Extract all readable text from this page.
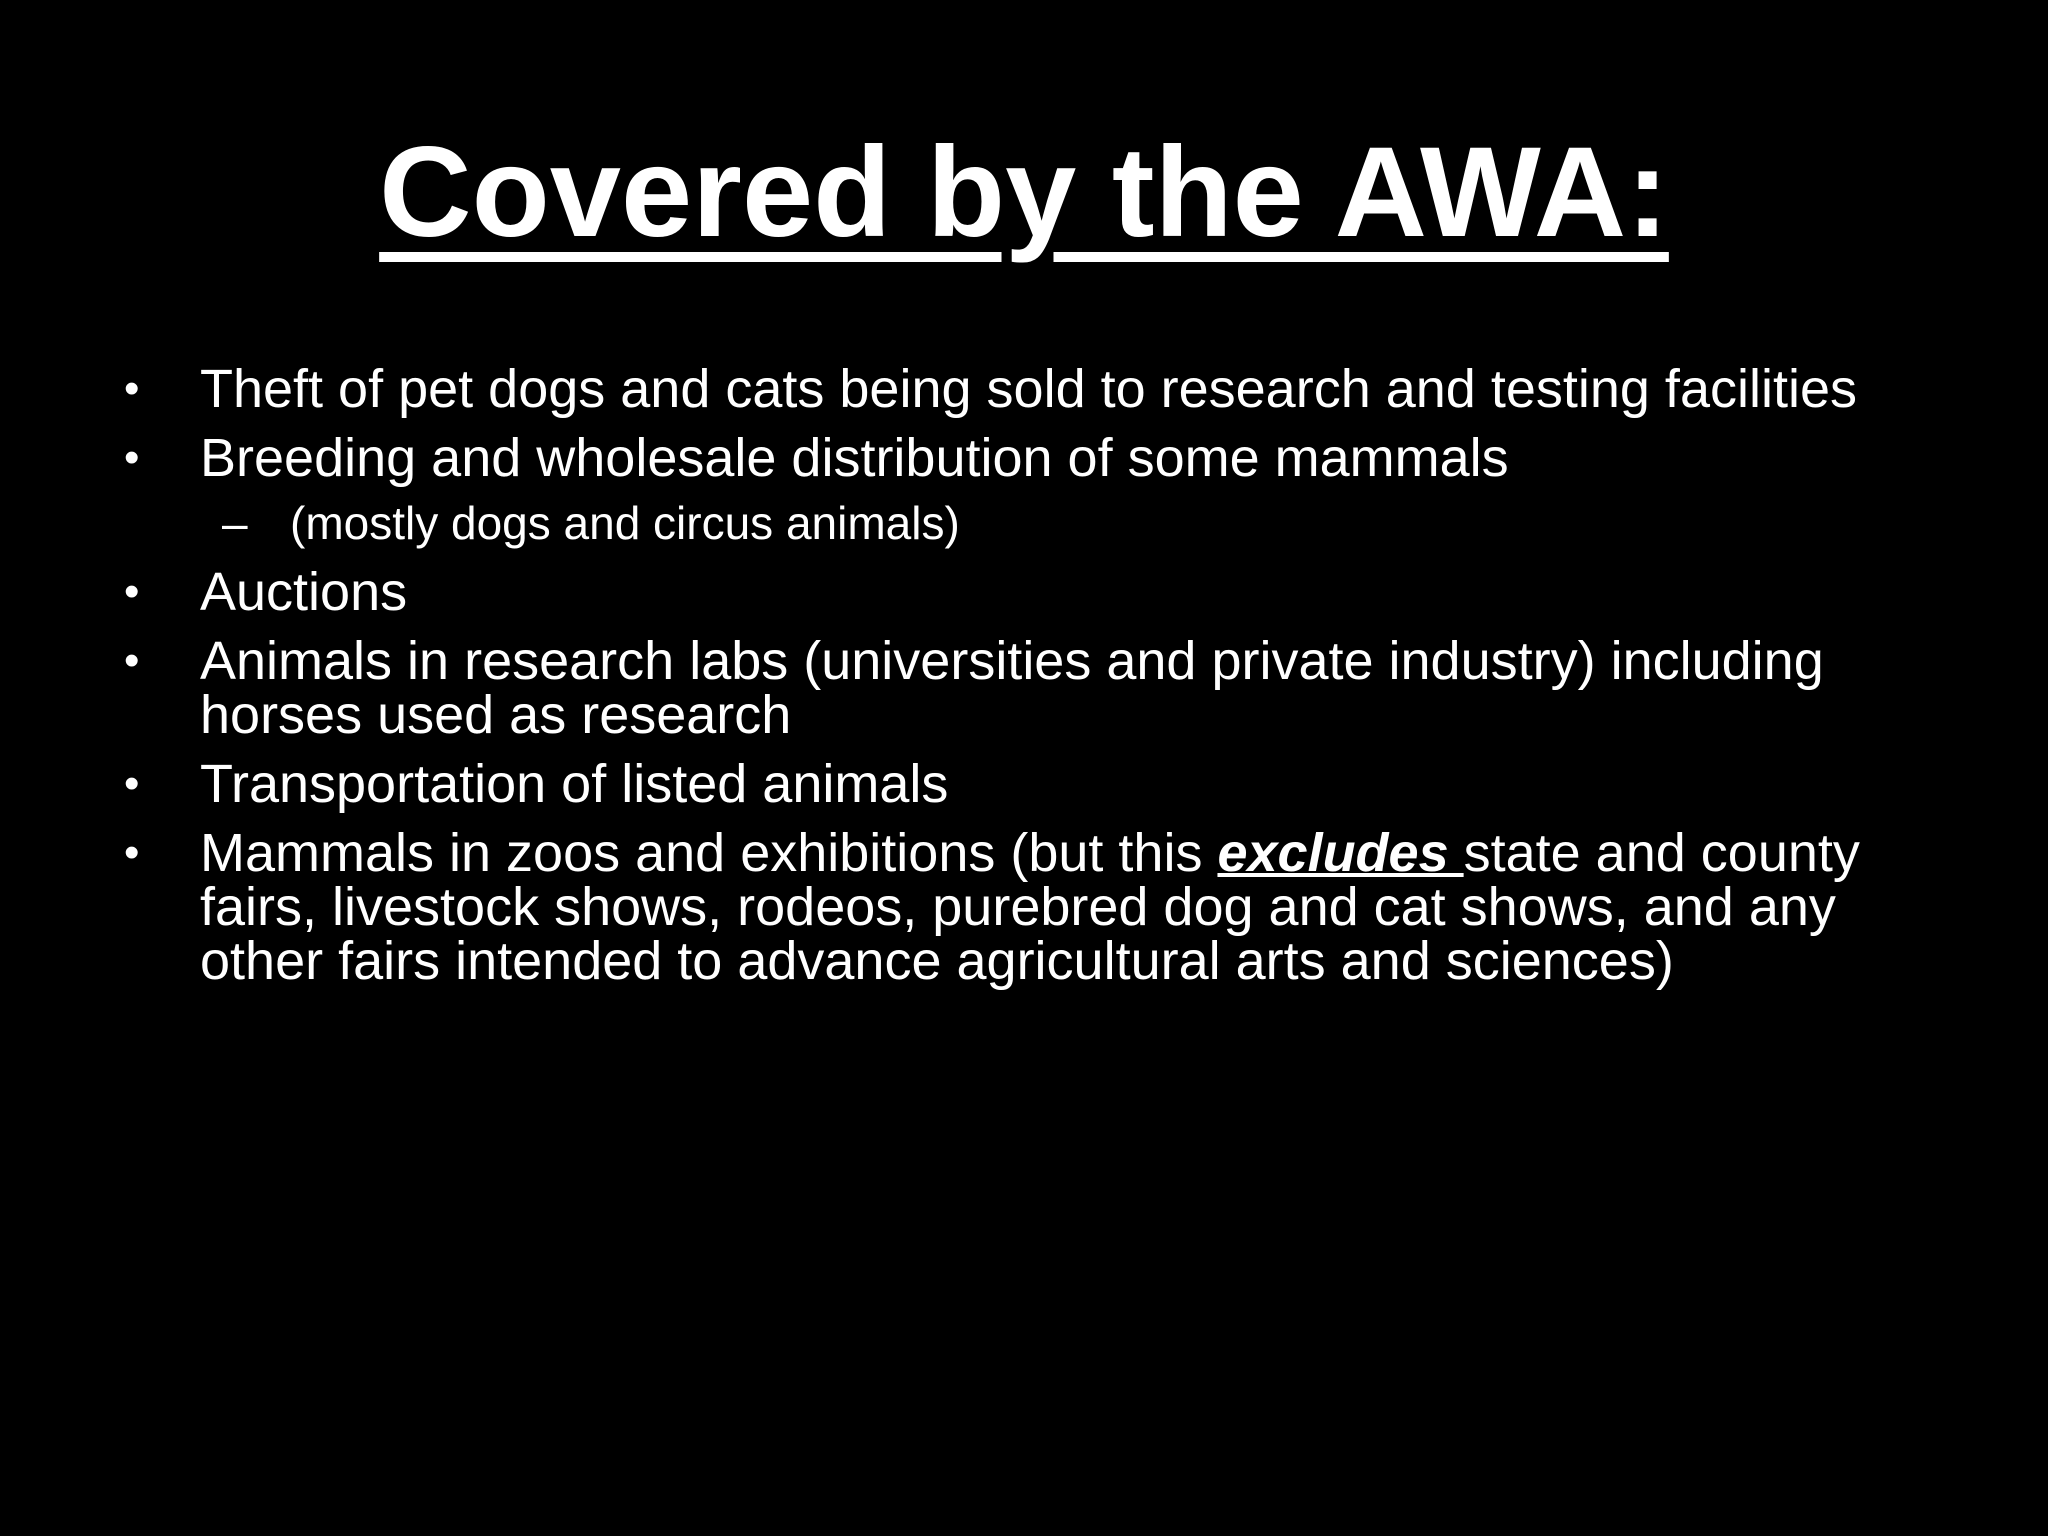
Covered by the AWA:
• Theft of pet dogs and cats being sold to research and testing facilities
• Breeding and wholesale distribution of some mammals
– (mostly dogs and circus animals)
• Auctions
• Animals in research labs (universities and private industry) including horses used as research
• Transportation of listed animals
• Mammals in zoos and exhibitions (but this excludes state and county fairs, livestock shows, rodeos, purebred dog and cat shows, and any other fairs intended to advance agricultural arts and sciences)
